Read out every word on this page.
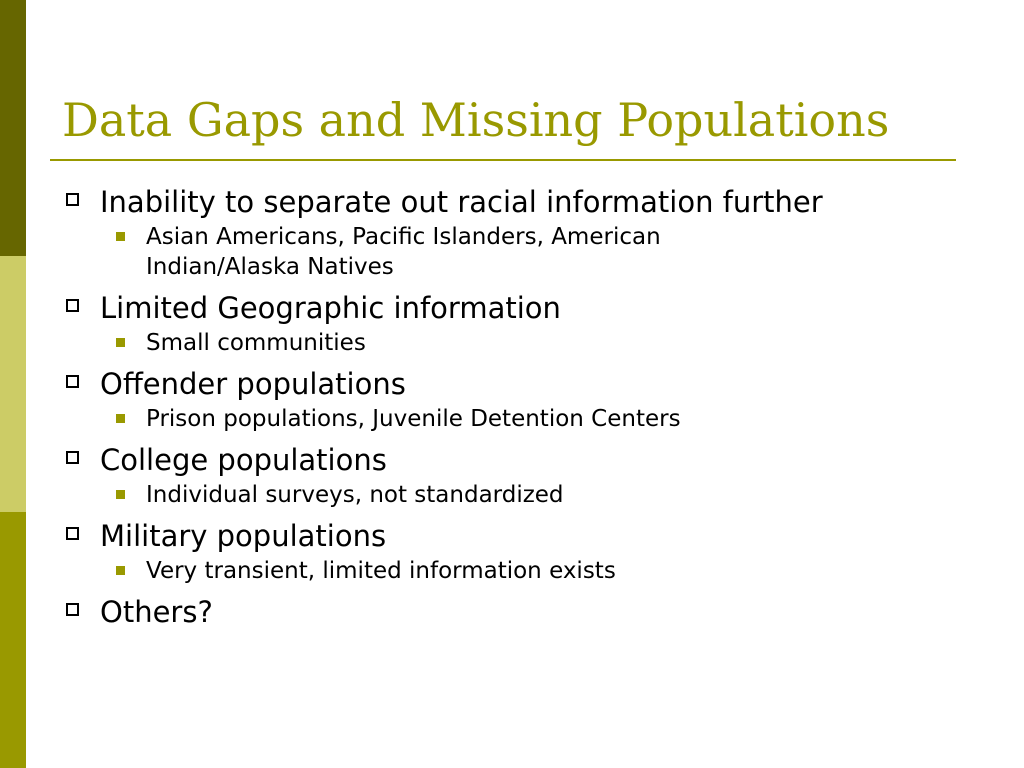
Data Gaps and Missing Populations
Inability to separate out racial information further
Asian Americans, Pacific Islanders, American Indian/Alaska Natives
Limited Geographic information
Small communities
Offender populations
Prison populations, Juvenile Detention Centers
College populations
Individual surveys, not standardized
Military populations
Very transient, limited information exists
Others?
